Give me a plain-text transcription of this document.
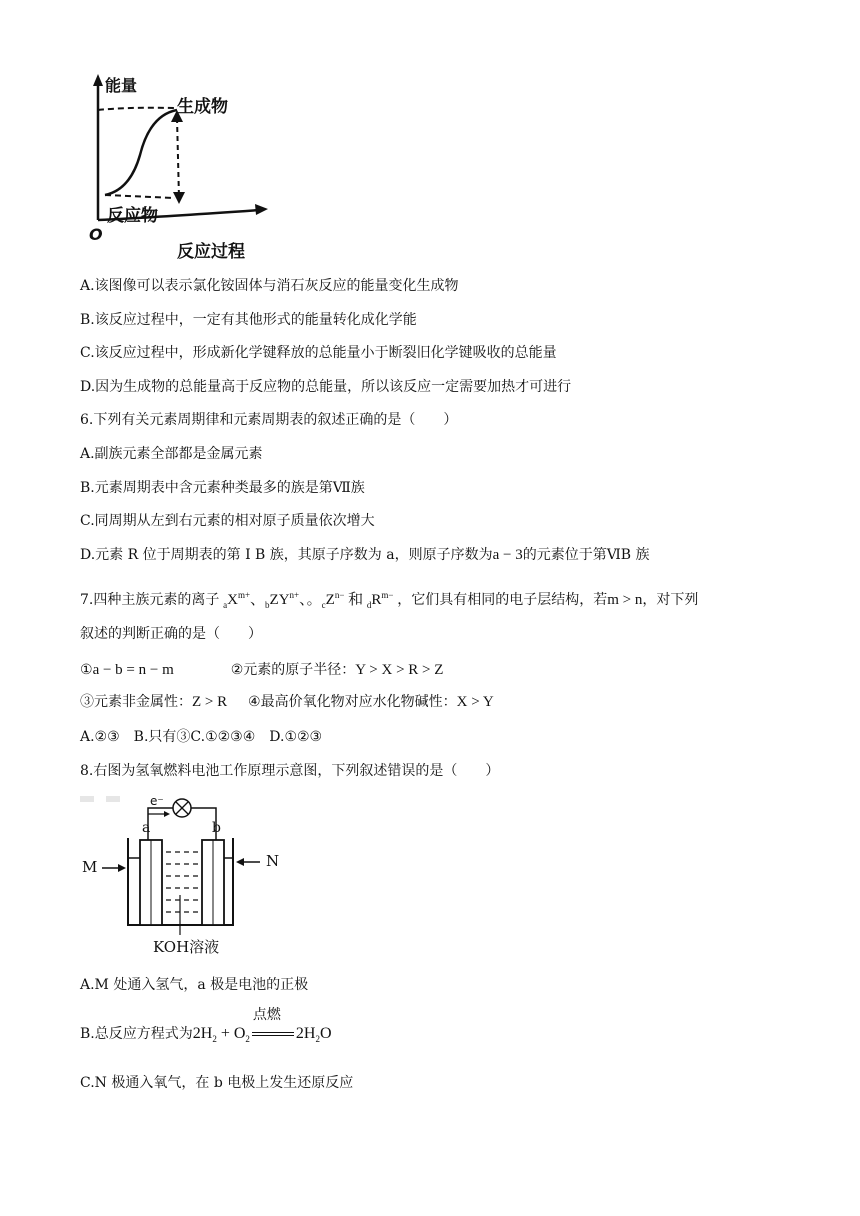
能量
生成物
反应物
O
反应过程
A.该图像可以表示氯化铵固体与消石灰反应的能量变化生成物
B.该反应过程中，一定有其他形式的能量转化成化学能
C.该反应过程中，形成新化学键释放的总能量小于断裂旧化学键吸收的总能量
D.因为生成物的总能量高于反应物的总能量，所以该反应一定需要加热才可进行
6.下列有关元素周期律和元素周期表的叙述正确的是（　　）
A.副族元素全部都是金属元素
B.元素周期表中含元素种类最多的族是第Ⅶ族
C.同周期从左到右元素的相对原子质量依次增大
D.元素 R 位于周期表的第 Ⅰ B 族，其原子序数为 a，则原子序数为a − 3的元素位于第ⅥB 族
7.四种主族元素的离子 $_aX^{m+}$、$_bZY^{n+}$、。$_cZ^{n-}$ 和 $_dR^{m-}$ ，它们具有相同的电子层结构，若m > n，对下列
叙述的判断正确的是（　　）
①a − b = n − m	②元素的原子半径：Y > X > R > Z
③元素非金属性：Z > R ④最高价氧化物对应水化物碱性：X > Y
A.②③　B.只有③C.①②③④　D.①②③
8.右图为氢氧燃料电池工作原理示意图，下列叙述错误的是（　　）
e⁻
a	b
M	N
KOH溶液
A.M 处通入氢气，a 极是电池的正极
B.总反应方程式为$2H_2 + O_2$
点燃
$2H_2O$
C.N 极通入氧气，在 b 电极上发生还原反应
